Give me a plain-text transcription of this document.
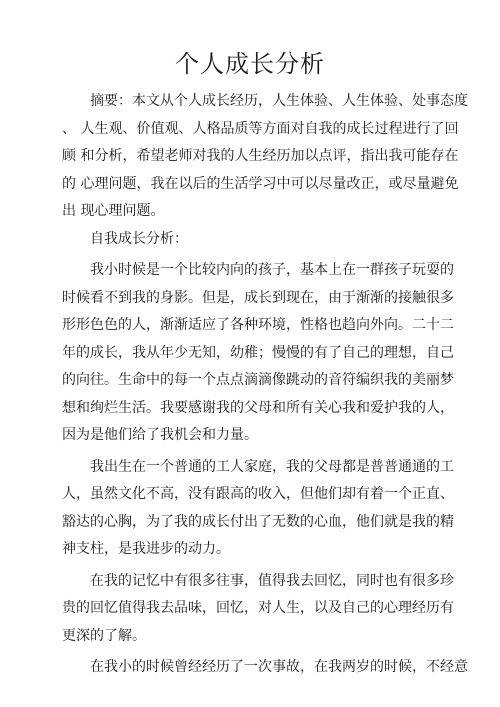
个人成长分析
摘要：本文从个人成长经历，人生体验、人生体验、处事态度
、 人生观、价值观、人格品质等方面对自我的成长过程进行了回
顾 和分析，希望老师对我的人生经历加以点评，指出我可能存在
的 心理问题，我在以后的生活学习中可以尽量改正，或尽量避免
出 现心理问题。
自我成长分析：
我小时候是一个比较内向的孩子，基本上在一群孩子玩耍的
时候看不到我的身影。但是，成长到现在，由于渐渐的接触很多
形形色色的人，渐渐适应了各种环境，性格也趋向外向。二十二
年的成长，我从年少无知，幼稚；慢慢的有了自己的理想，自己
的向往。生命中的每一个点点滴滴像跳动的音符编织我的美丽梦
想和绚烂生活。我要感谢我的父母和所有关心我和爱护我的人，
因为是他们给了我机会和力量。
我出生在一个普通的工人家庭，我的父母都是普普通通的工
人，虽然文化不高，没有跟高的收入，但他们却有着一个正直、
豁达的心胸，为了我的成长付出了无数的心血，他们就是我的精
神支柱，是我进步的动力。
在我的记忆中有很多往事，值得我去回忆，同时也有很多珍
贵的回忆值得我去品味，回忆，对人生，以及自己的心理经历有
更深的了解。
在我小的时候曾经经历了一次事故，在我两岁的时候，不经意
